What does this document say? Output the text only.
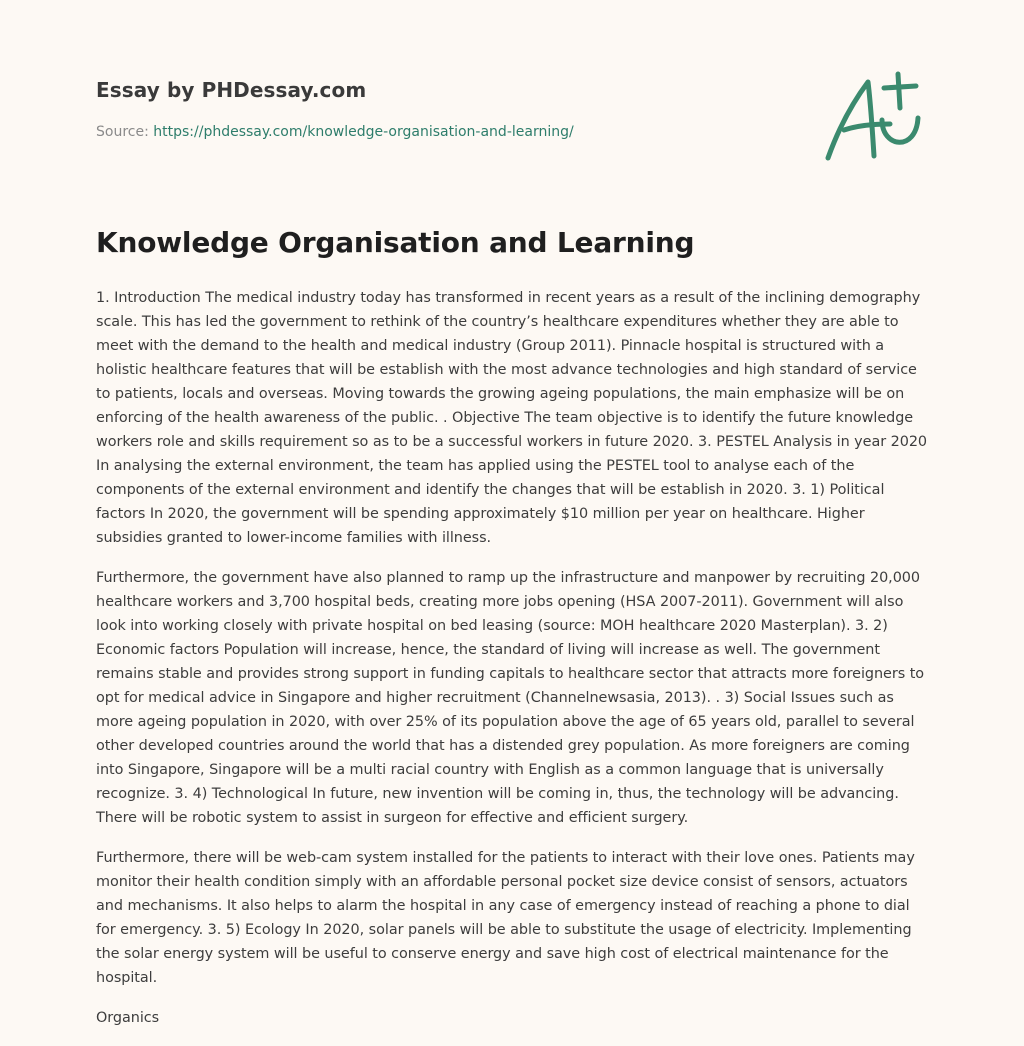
Essay by PHDessay.com
Source: https://phdessay.com/knowledge-organisation-and-learning/
Knowledge Organisation and Learning

1. Introduction The medical industry today has transformed in recent years as a result of the inclining demography scale. This has led the government to rethink of the country’s healthcare expenditures whether they are able to meet with the demand to the health and medical industry (Group 2011). Pinnacle hospital is structured with a holistic healthcare features that will be establish with the most advance technologies and high standard of service to patients, locals and overseas. Moving towards the growing ageing populations, the main emphasize will be on enforcing of the health awareness of the public. . Objective The team objective is to identify the future knowledge workers role and skills requirement so as to be a successful workers in future 2020. 3. PESTEL Analysis in year 2020 In analysing the external environment, the team has applied using the PESTEL tool to analyse each of the components of the external environment and identify the changes that will be establish in 2020. 3. 1) Political factors In 2020, the government will be spending approximately $10 million per year on healthcare. Higher subsidies granted to lower-income families with illness.

Furthermore, the government have also planned to ramp up the infrastructure and manpower by recruiting 20,000 healthcare workers and 3,700 hospital beds, creating more jobs opening (HSA 2007-2011). Government will also look into working closely with private hospital on bed leasing (source: MOH healthcare 2020 Masterplan). 3. 2) Economic factors Population will increase, hence, the standard of living will increase as well. The government remains stable and provides strong support in funding capitals to healthcare sector that attracts more foreigners to opt for medical advice in Singapore and higher recruitment (Channelnewsasia, 2013). . 3) Social Issues such as more ageing population in 2020, with over 25% of its population above the age of 65 years old, parallel to several other developed countries around the world that has a distended grey population. As more foreigners are coming into Singapore, Singapore will be a multi racial country with English as a common language that is universally recognize. 3. 4) Technological In future, new invention will be coming in, thus, the technology will be advancing. There will be robotic system to assist in surgeon for effective and efficient surgery.

Furthermore, there will be web-cam system installed for the patients to interact with their love ones. Patients may monitor their health condition simply with an affordable personal pocket size device consist of sensors, actuators and mechanisms. It also helps to alarm the hospital in any case of emergency instead of reaching a phone to dial for emergency. 3. 5) Ecology In 2020, solar panels will be able to substitute the usage of electricity. Implementing the solar energy system will be useful to conserve energy and save high cost of electrical maintenance for the hospital.

Organics
